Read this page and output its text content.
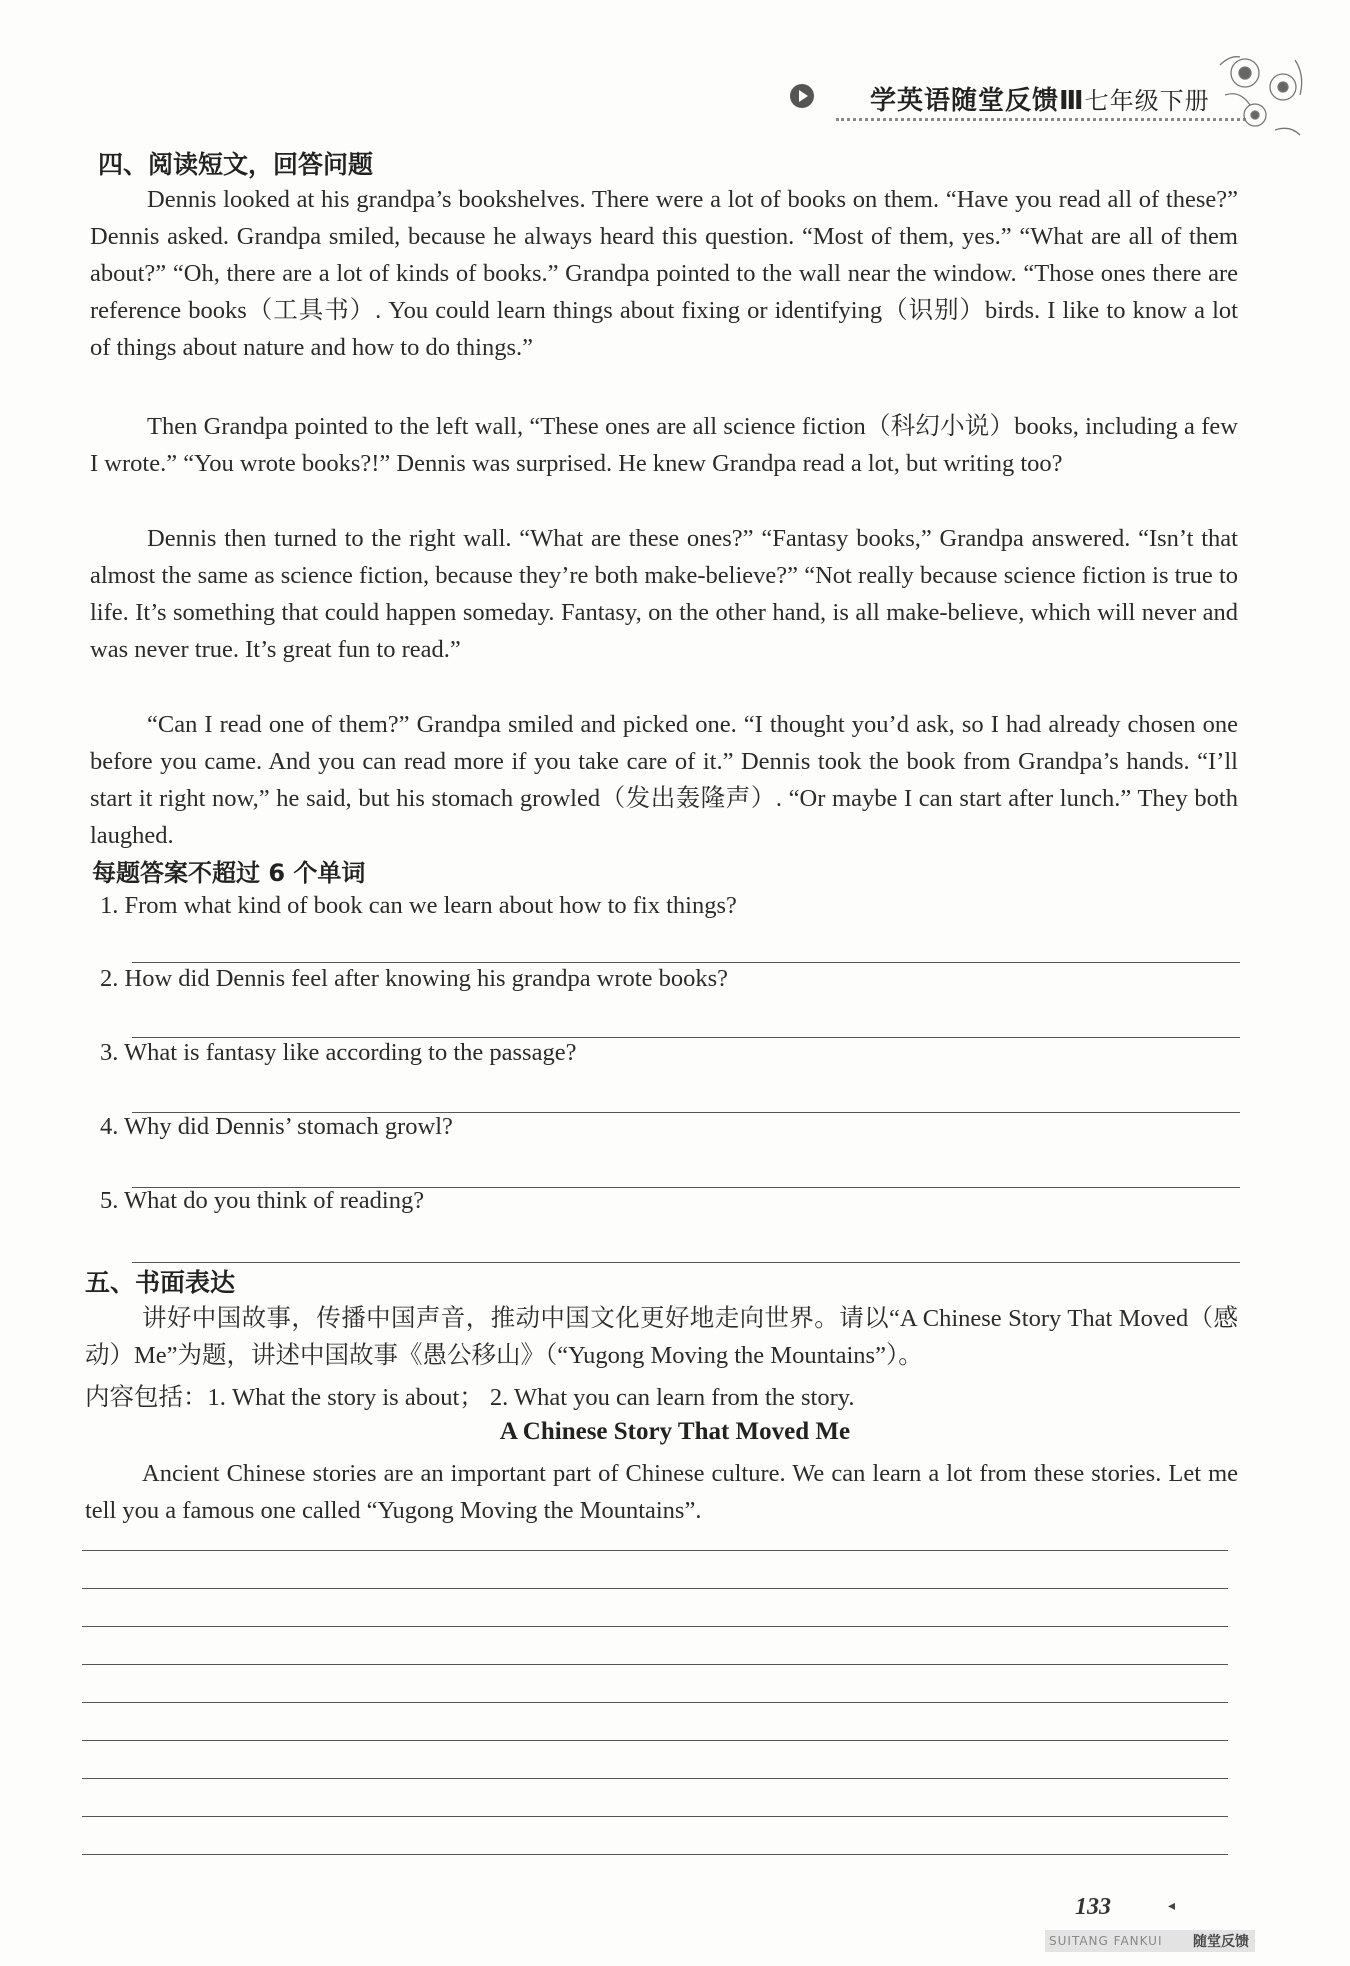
学英语随堂反馈Ⅲ七年级下册
四、阅读短文，回答问题

Dennis looked at his grandpa’s bookshelves. There were a lot of books on them. “Have you read all of these?” Dennis asked. Grandpa smiled, because he always heard this question. “Most of them, yes.” “What are all of them about?” “Oh, there are a lot of kinds of books.” Grandpa pointed to the wall near the window. “Those ones there are reference books（工具书）. You could learn things about fixing or identifying（识别）birds. I like to know a lot of things about nature and how to do things.”

Then Grandpa pointed to the left wall, “These ones are all science fiction（科幻小说）books, including a few I wrote.” “You wrote books?!” Dennis was surprised. He knew Grandpa read a lot, but writing too?

Dennis then turned to the right wall. “What are these ones?” “Fantasy books,” Grandpa answered. “Isn’t that almost the same as science fiction, because they’re both make-believe?” “Not really because science fiction is true to life. It’s something that could happen someday. Fantasy, on the other hand, is all make-believe, which will never and was never true. It’s great fun to read.”

“Can I read one of them?” Grandpa smiled and picked one. “I thought you’d ask, so I had already chosen one before you came. And you can read more if you take care of it.” Dennis took the book from Grandpa’s hands. “I’ll start it right now,” he said, but his stomach growled（发出轰隆声）. “Or maybe I can start after lunch.” They both laughed.

每题答案不超过 6 个单词
1. From what kind of book can we learn about how to fix things?
2. How did Dennis feel after knowing his grandpa wrote books?
3. What is fantasy like according to the passage?
4. Why did Dennis’ stomach growl?
5. What do you think of reading?
五、书面表达

讲好中国故事，传播中国声音，推动中国文化更好地走向世界。请以“A Chinese Story That Moved（感动）Me”为题，讲述中国故事《愚公移山》（“Yugong Moving the Mountains”）。

内容包括：1. What the story is about； 2. What you can learn from the story.
A Chinese Story That Moved Me

Ancient Chinese stories are an important part of Chinese culture. We can learn a lot from these stories. Let me tell you a famous one called “Yugong Moving the Mountains”.

133	◂
SUITANG FANKUI 随堂反馈
